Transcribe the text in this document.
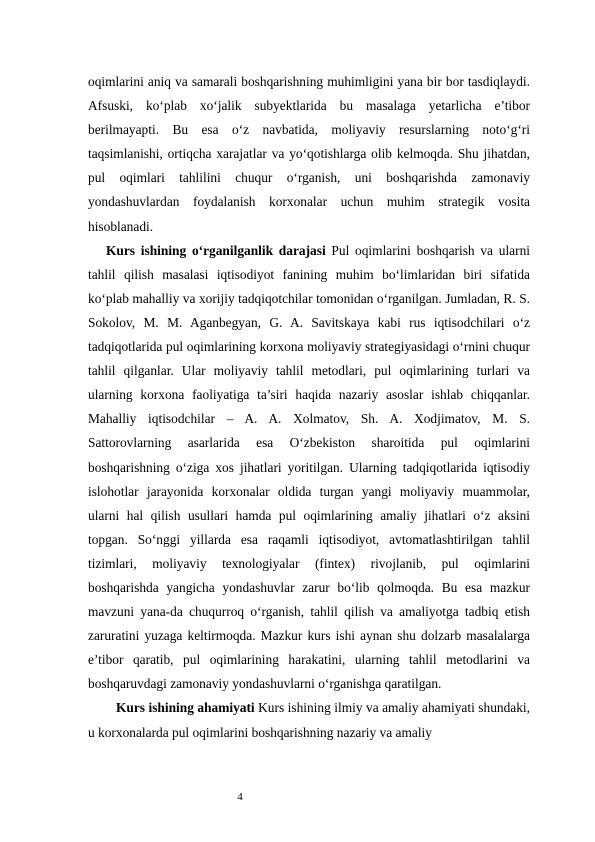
oqimlarini aniq va samarali boshqarishning muhimligini yana bir bor tasdiqlaydi. Afsuski, ko‘plab xo‘jalik subyektlarida bu masalaga yetarlicha e’tibor berilmayapti. Bu esa o‘z navbatida, moliyaviy resurslarning noto‘g‘ri taqsimlanishi, ortiqcha xarajatlar va yo‘qotishlarga olib kelmoqda. Shu jihatdan, pul oqimlari tahlilini chuqur o‘rganish, uni boshqarishda zamonaviy yondashuvlardan foydalanish korxonalar uchun muhim strategik vosita hisoblanadi.

Kurs ishining o‘rganilganlik darajasi Pul oqimlarini boshqarish va ularni tahlil qilish masalasi iqtisodiyot fanining muhim bo‘limlaridan biri sifatida ko‘plab mahalliy va xorijiy tadqiqotchilar tomonidan o‘rganilgan. Jumladan, R. S. Sokolov, M. M. Aganbegyan, G. A. Savitskaya kabi rus iqtisodchilari o‘z tadqiqotlarida pul oqimlarining korxona moliyaviy strategiyasidagi o‘rnini chuqur tahlil qilganlar. Ular moliyaviy tahlil metodlari, pul oqimlarining turlari va ularning korxona faoliyatiga ta’siri haqida nazariy asoslar ishlab chiqqanlar. Mahalliy iqtisodchilar – A. A. Xolmatov, Sh. A. Xodjimatov, M. S. Sattorovlarning asarlarida esa O‘zbekiston sharoitida pul oqimlarini boshqarishning o‘ziga xos jihatlari yoritilgan. Ularning tadqiqotlarida iqtisodiy islohotlar jarayonida korxonalar oldida turgan yangi moliyaviy muammolar, ularni hal qilish usullari hamda pul oqimlarining amaliy jihatlari o‘z aksini topgan. So‘nggi yillarda esa raqamli iqtisodiyot, avtomatlashtirilgan tahlil tizimlari, moliyaviy texnologiyalar (fintex) rivojlanib, pul oqimlarini boshqarishda yangicha yondashuvlar zarur bo‘lib qolmoqda. Bu esa mazkur mavzuni yana-da chuqurroq o‘rganish, tahlil qilish va amaliyotga tadbiq etish zaruratini yuzaga keltirmoqda. Mazkur kurs ishi aynan shu dolzarb masalalarga e’tibor qaratib, pul oqimlarining harakatini, ularning tahlil metodlarini va boshqaruvdagi zamonaviy yondashuvlarni o‘rganishga qaratilgan.

Kurs ishining ahamiyati Kurs ishining ilmiy va amaliy ahamiyati shundaki, u korxonalarda pul oqimlarini boshqarishning nazariy va amaliy

4
